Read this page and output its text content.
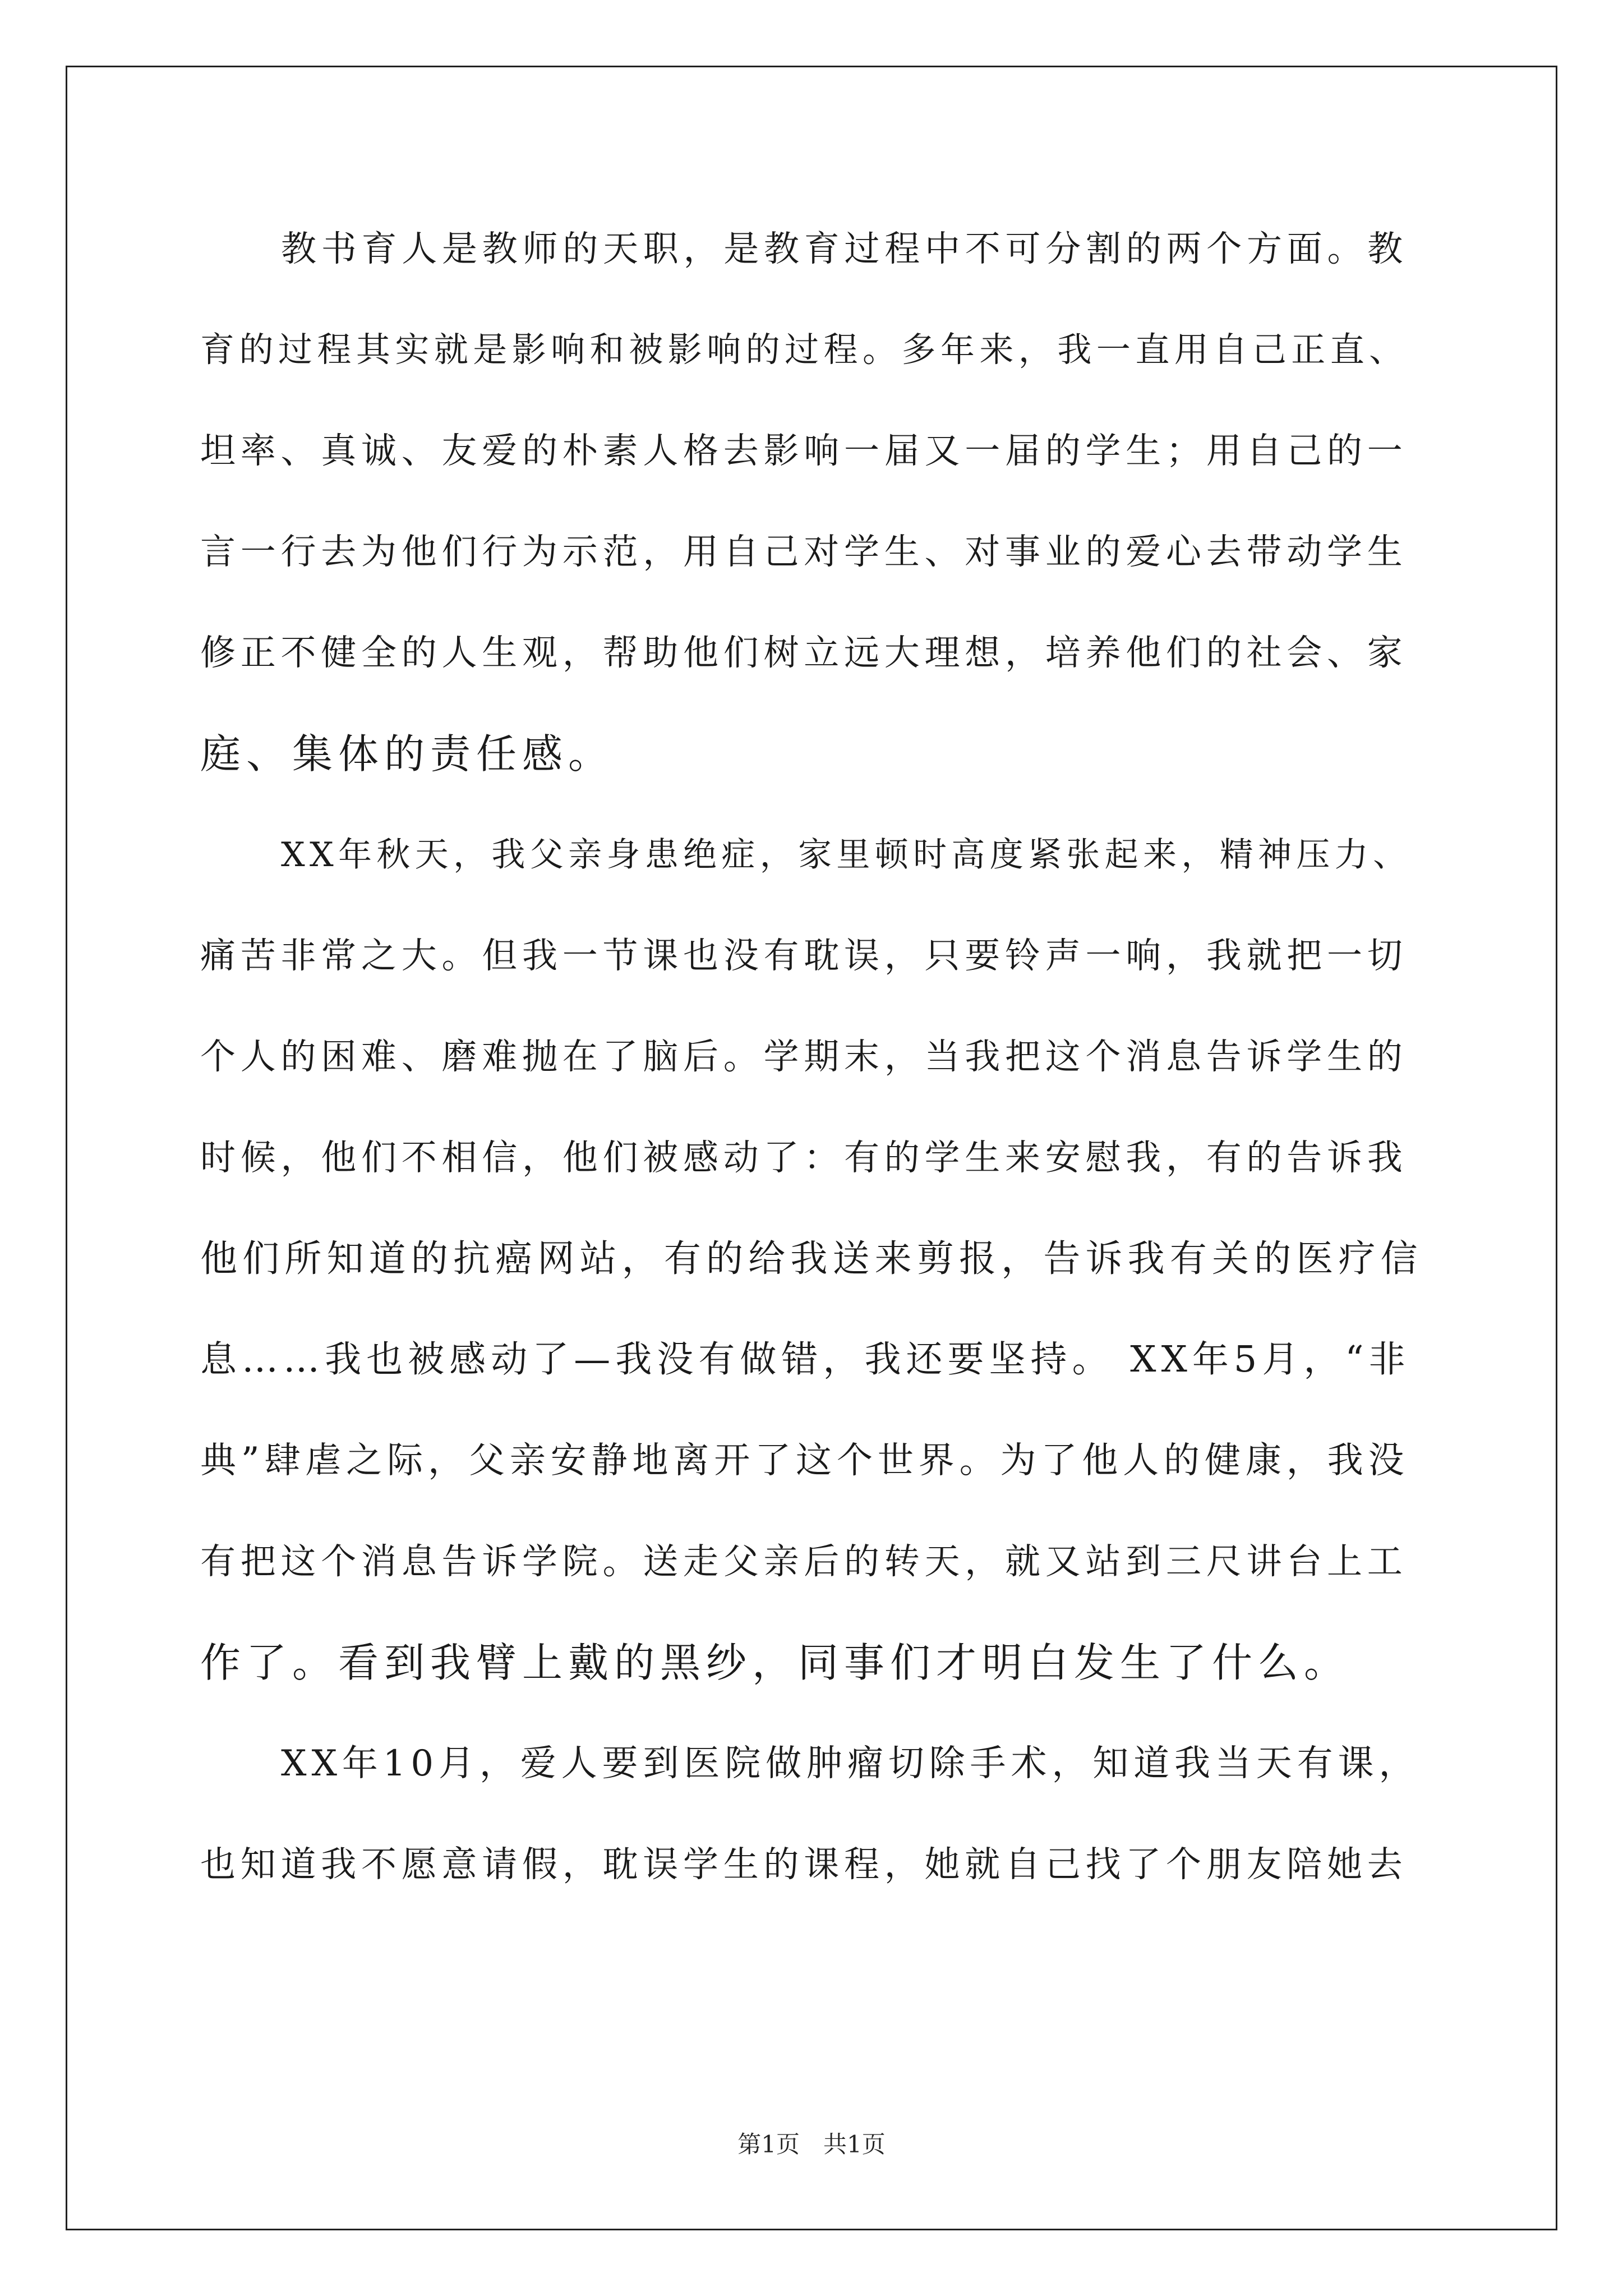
教书育人是教师的天职，是教育过程中不可分割的两个方面。教
育的过程其实就是影响和被影响的过程。多年来，我一直用自己正直、
坦率、真诚、友爱的朴素人格去影响一届又一届的学生；用自己的一
言一行去为他们行为示范，用自己对学生、对事业的爱心去带动学生
修正不健全的人生观，帮助他们树立远大理想，培养他们的社会、家
庭、集体的责任感。
XX年秋天，我父亲身患绝症，家里顿时高度紧张起来，精神压力、
痛苦非常之大。但我一节课也没有耽误，只要铃声一响，我就把一切
个人的困难、磨难抛在了脑后。学期末，当我把这个消息告诉学生的
时候，他们不相信，他们被感动了：有的学生来安慰我，有的告诉我
他们所知道的抗癌网站，有的给我送来剪报，告诉我有关的医疗信
息……我也被感动了—我没有做错，我还要坚持。 XX年5月，“非
典”肆虐之际，父亲安静地离开了这个世界。为了他人的健康，我没
有把这个消息告诉学院。送走父亲后的转天，就又站到三尺讲台上工
作了。看到我臂上戴的黑纱，同事们才明白发生了什么。
XX年10月，爱人要到医院做肿瘤切除手术，知道我当天有课，
也知道我不愿意请假，耽误学生的课程，她就自己找了个朋友陪她去
第1页　共1页
